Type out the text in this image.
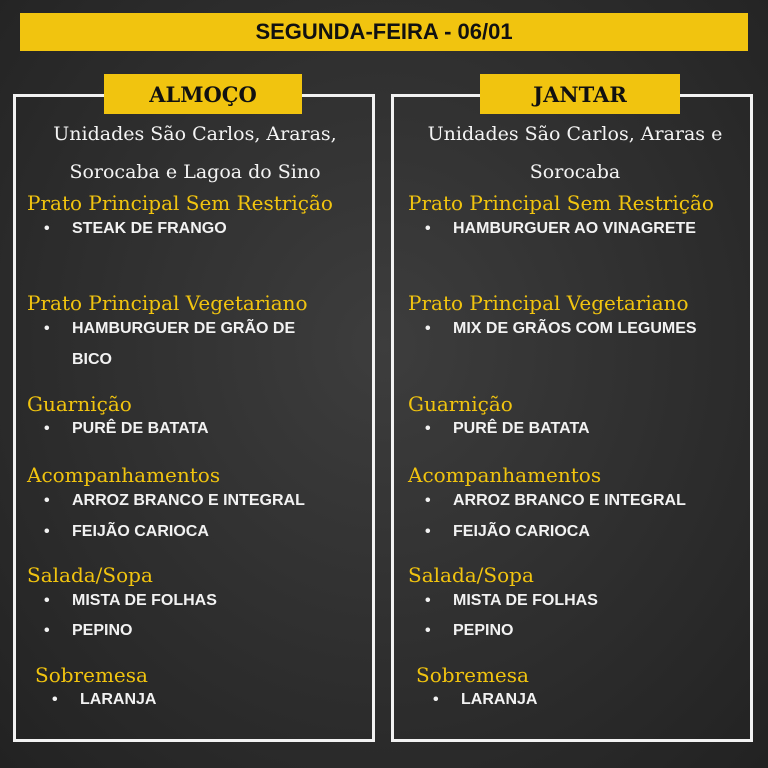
SEGUNDA-FEIRA - 06/01
ALMOÇO	JANTAR
Unidades São Carlos, Araras,
Sorocaba e Lagoa do Sino
Prato Principal Sem Restrição
• STEAK DE FRANGO
Prato Principal Vegetariano
• HAMBURGUER DE GRÃO DE
BICO
Guarnição
• PURÊ DE BATATA
Acompanhamentos
• ARROZ BRANCO E INTEGRAL
• FEIJÃO CARIOCA
Salada/Sopa
• MISTA DE FOLHAS
• PEPINO
Sobremesa
• LARANJA
Unidades São Carlos, Araras e
Sorocaba
Prato Principal Sem Restrição
• HAMBURGUER AO VINAGRETE
Prato Principal Vegetariano
• MIX DE GRÃOS COM LEGUMES
Guarnição
• PURÊ DE BATATA
Acompanhamentos
• ARROZ BRANCO E INTEGRAL
• FEIJÃO CARIOCA
Salada/Sopa
• MISTA DE FOLHAS
• PEPINO
Sobremesa
• LARANJA
